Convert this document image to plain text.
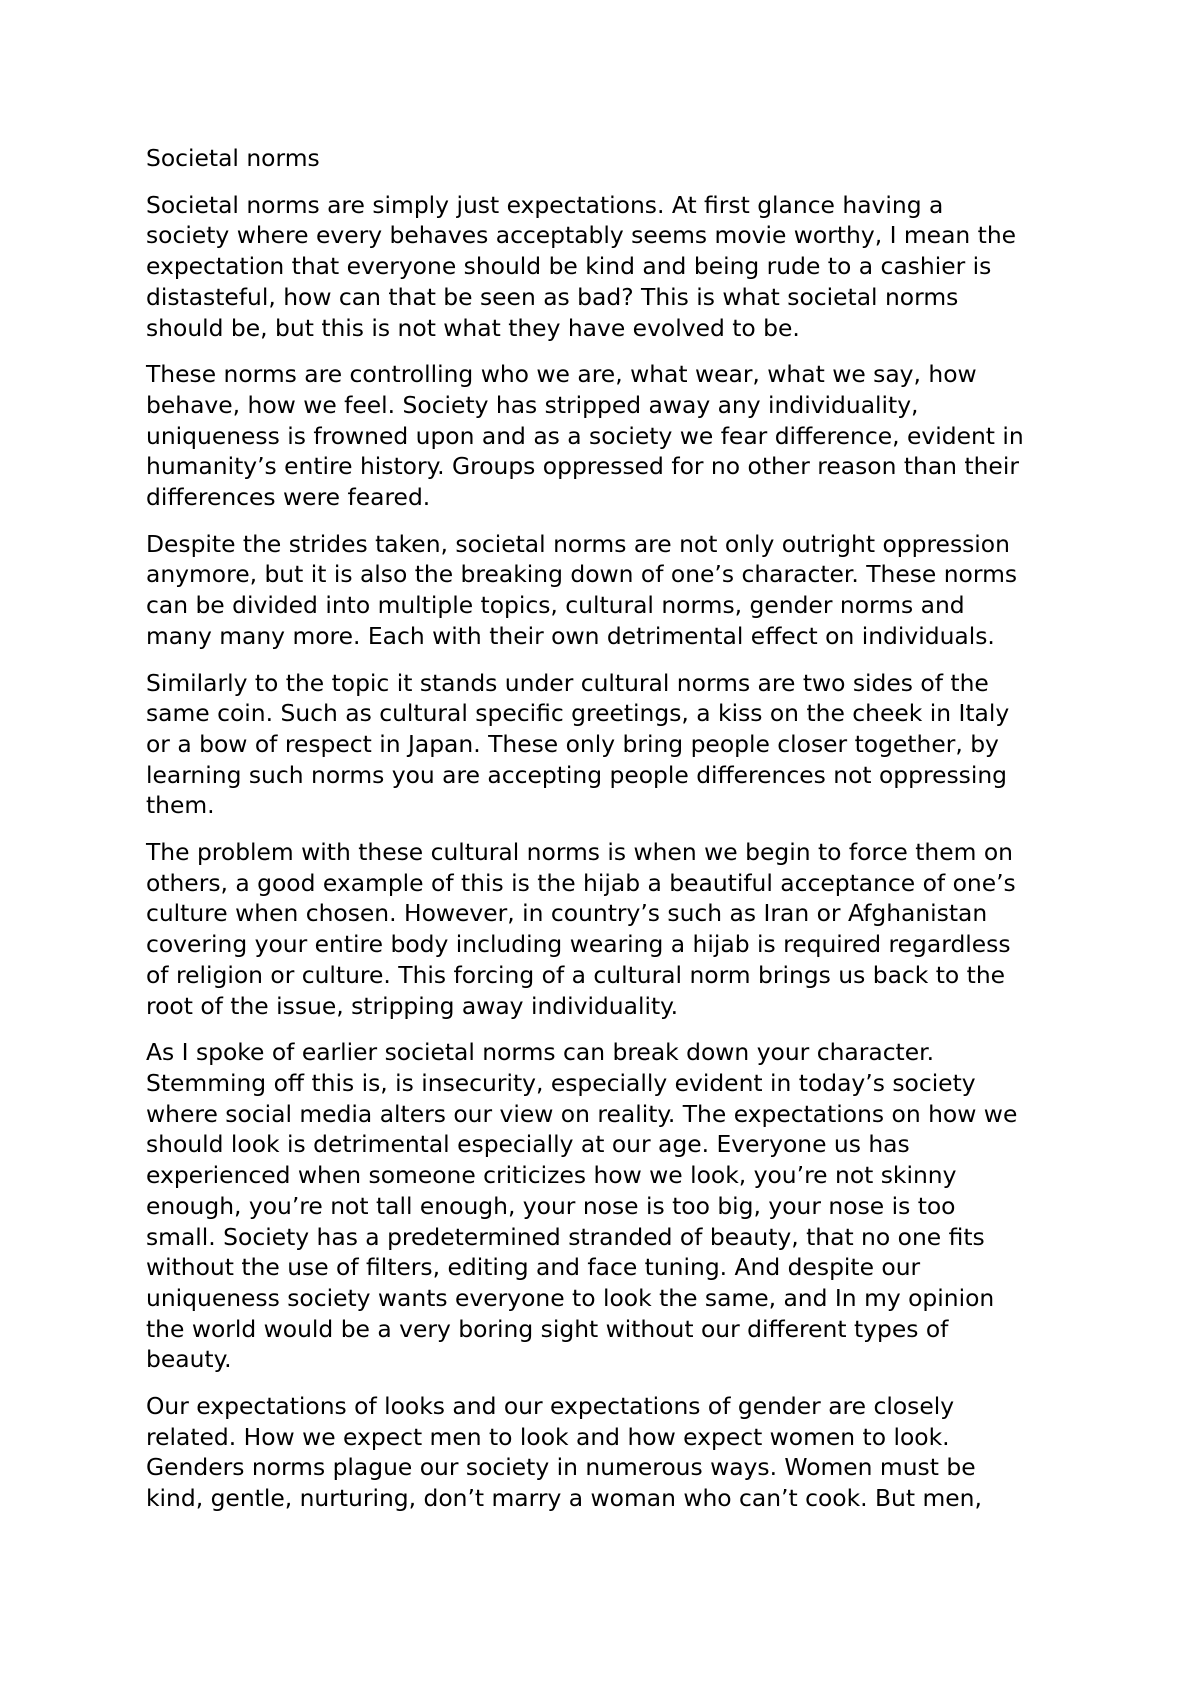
Societal norms

Societal norms are simply just expectations. At first glance having a
society where every behaves acceptably seems movie worthy, I mean the
expectation that everyone should be kind and being rude to a cashier is
distasteful, how can that be seen as bad? This is what societal norms
should be, but this is not what they have evolved to be.

These norms are controlling who we are, what wear, what we say, how
behave, how we feel. Society has stripped away any individuality,
uniqueness is frowned upon and as a society we fear difference, evident in
humanity’s entire history. Groups oppressed for no other reason than their
differences were feared.

Despite the strides taken, societal norms are not only outright oppression
anymore, but it is also the breaking down of one’s character. These norms
can be divided into multiple topics, cultural norms, gender norms and
many many more. Each with their own detrimental effect on individuals.

Similarly to the topic it stands under cultural norms are two sides of the
same coin. Such as cultural specific greetings, a kiss on the cheek in Italy
or a bow of respect in Japan. These only bring people closer together, by
learning such norms you are accepting people differences not oppressing
them.

The problem with these cultural norms is when we begin to force them on
others, a good example of this is the hijab a beautiful acceptance of one’s
culture when chosen. However, in country’s such as Iran or Afghanistan
covering your entire body including wearing a hijab is required regardless
of religion or culture. This forcing of a cultural norm brings us back to the
root of the issue, stripping away individuality.

As I spoke of earlier societal norms can break down your character.
Stemming off this is, is insecurity, especially evident in today’s society
where social media alters our view on reality. The expectations on how we
should look is detrimental especially at our age. Everyone us has
experienced when someone criticizes how we look, you’re not skinny
enough, you’re not tall enough, your nose is too big, your nose is too
small. Society has a predetermined stranded of beauty, that no one fits
without the use of filters, editing and face tuning. And despite our
uniqueness society wants everyone to look the same, and In my opinion
the world would be a very boring sight without our different types of
beauty.

Our expectations of looks and our expectations of gender are closely
related. How we expect men to look and how expect women to look.
Genders norms plague our society in numerous ways. Women must be
kind, gentle, nurturing, don’t marry a woman who can’t cook. But men,
